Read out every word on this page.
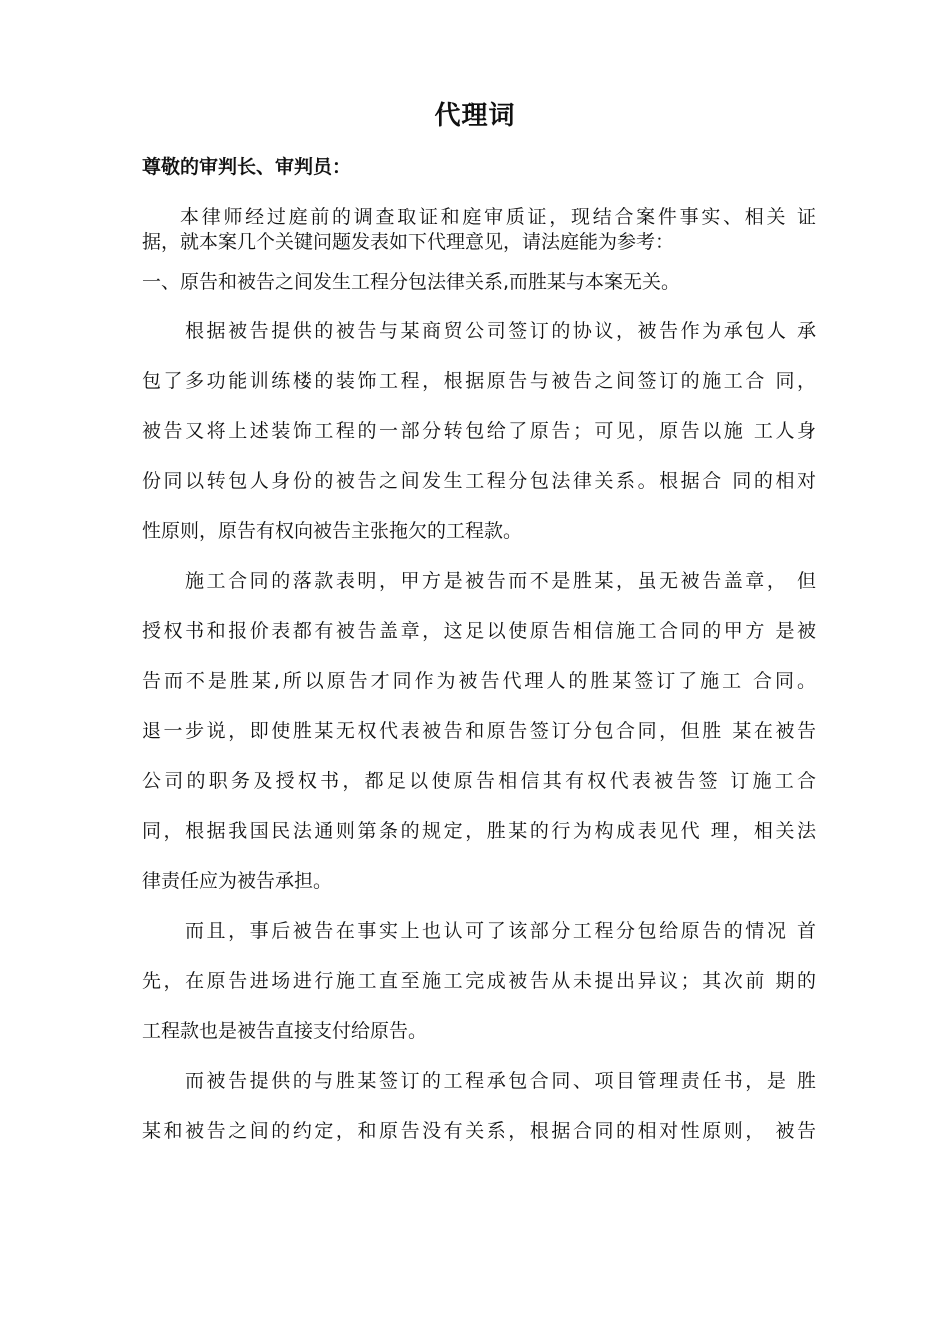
代理词
尊敬的审判长、审判员：
本律师经过庭前的调查取证和庭审质证，现结合案件事实、相关 证
据，就本案几个关键问题发表如下代理意见，请法庭能为参考：
一、原告和被告之间发生工程分包法律关系,而胜某与本案无关。
根据被告提供的被告与某商贸公司签订的协议，被告作为承包人 承
包了多功能训练楼的装饰工程，根据原告与被告之间签订的施工合 同，
被告又将上述装饰工程的一部分转包给了原告；可见，原告以施 工人身
份同以转包人身份的被告之间发生工程分包法律关系。根据合 同的相对
性原则，原告有权向被告主张拖欠的工程款。
施工合同的落款表明，甲方是被告而不是胜某，虽无被告盖章， 但
授权书和报价表都有被告盖章，这足以使原告相信施工合同的甲方 是被
告而不是胜某,所以原告才同作为被告代理人的胜某签订了施工 合同。
退一步说，即使胜某无权代表被告和原告签订分包合同，但胜 某在被告
公司的职务及授权书，都足以使原告相信其有权代表被告签 订施工合
同，根据我国民法通则第条的规定，胜某的行为构成表见代 理，相关法
律责任应为被告承担。
而且，事后被告在事实上也认可了该部分工程分包给原告的情况 首
先，在原告进场进行施工直至施工完成被告从未提出异议；其次前 期的
工程款也是被告直接支付给原告。
而被告提供的与胜某签订的工程承包合同、项目管理责任书，是 胜
某和被告之间的约定，和原告没有关系，根据合同的相对性原则， 被告
